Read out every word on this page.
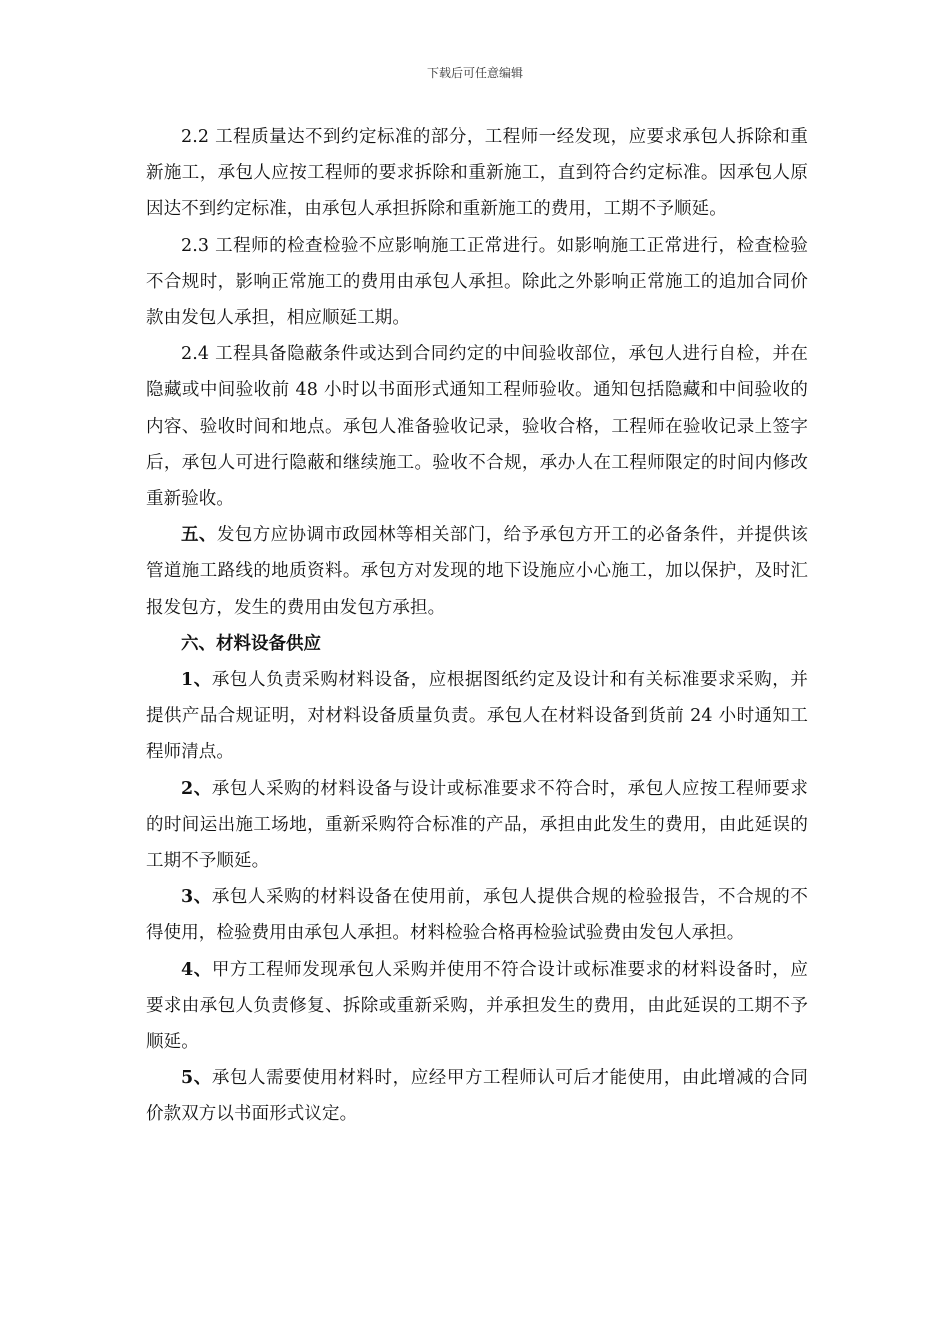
下载后可任意编辑

2.2 工程质量达不到约定标准的部分，工程师一经发现，应要求承包人拆除和重新施工，承包人应按工程师的要求拆除和重新施工，直到符合约定标准。因承包人原因达不到约定标准，由承包人承担拆除和重新施工的费用，工期不予顺延。

2.3 工程师的检查检验不应影响施工正常进行。如影响施工正常进行，检查检验不合规时，影响正常施工的费用由承包人承担。除此之外影响正常施工的追加合同价款由发包人承担，相应顺延工期。

2.4 工程具备隐蔽条件或达到合同约定的中间验收部位，承包人进行自检，并在隐藏或中间验收前 48 小时以书面形式通知工程师验收。通知包括隐藏和中间验收的内容、验收时间和地点。承包人准备验收记录，验收合格，工程师在验收记录上签字后，承包人可进行隐蔽和继续施工。验收不合规，承办人在工程师限定的时间内修改重新验收。

五、发包方应协调市政园林等相关部门，给予承包方开工的必备条件，并提供该管道施工路线的地质资料。承包方对发现的地下设施应小心施工，加以保护，及时汇报发包方，发生的费用由发包方承担。

六、材料设备供应

1、承包人负责采购材料设备，应根据图纸约定及设计和有关标准要求采购，并提供产品合规证明，对材料设备质量负责。承包人在材料设备到货前 24 小时通知工程师清点。

2、承包人采购的材料设备与设计或标准要求不符合时，承包人应按工程师要求的时间运出施工场地，重新采购符合标准的产品，承担由此发生的费用，由此延误的工期不予顺延。

3、承包人采购的材料设备在使用前，承包人提供合规的检验报告，不合规的不得使用，检验费用由承包人承担。材料检验合格再检验试验费由发包人承担。

4、甲方工程师发现承包人采购并使用不符合设计或标准要求的材料设备时，应要求由承包人负责修复、拆除或重新采购，并承担发生的费用，由此延误的工期不予顺延。

5、承包人需要使用材料时，应经甲方工程师认可后才能使用，由此增减的合同价款双方以书面形式议定。
